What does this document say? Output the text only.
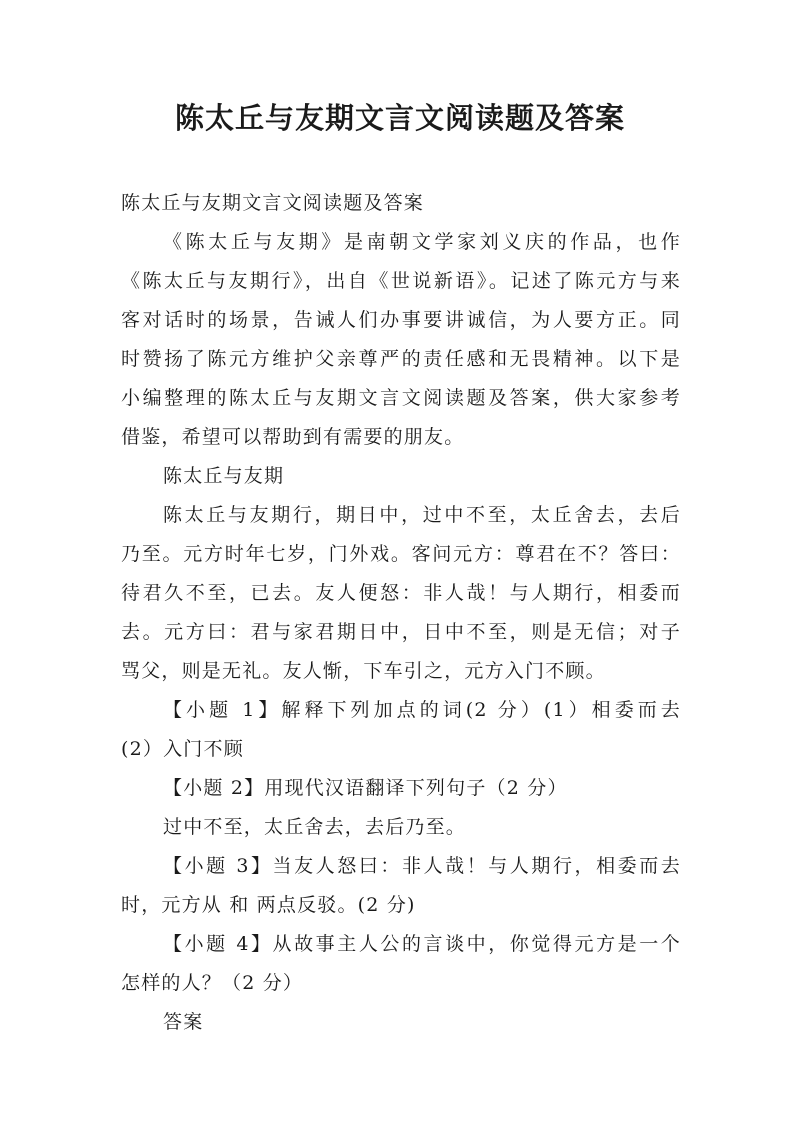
陈太丘与友期文言文阅读题及答案
陈太丘与友期文言文阅读题及答案
《陈太丘与友期》是南朝文学家刘义庆的作品，也作
《陈太丘与友期行》，出自《世说新语》。记述了陈元方与来
客对话时的场景，告诫人们办事要讲诚信，为人要方正。同
时赞扬了陈元方维护父亲尊严的责任感和无畏精神。以下是
小编整理的陈太丘与友期文言文阅读题及答案，供大家参考
借鉴，希望可以帮助到有需要的朋友。
陈太丘与友期
陈太丘与友期行，期日中，过中不至，太丘舍去，去后
乃至。元方时年七岁，门外戏。客问元方：尊君在不？答曰：
待君久不至，已去。友人便怒：非人哉！与人期行，相委而
去。元方曰：君与家君期日中，日中不至，则是无信；对子
骂父，则是无礼。友人惭，下车引之，元方入门不顾。
【小题 1】解释下列加点的词(2 分）(1）相委而去
(2）入门不顾
【小题 2】用现代汉语翻译下列句子（2 分）
过中不至，太丘舍去，去后乃至。
【小题 3】当友人怒曰：非人哉！与人期行，相委而去
时，元方从 和 两点反驳。(2 分)
【小题 4】从故事主人公的言谈中，你觉得元方是一个
怎样的人？（2 分）
答案
